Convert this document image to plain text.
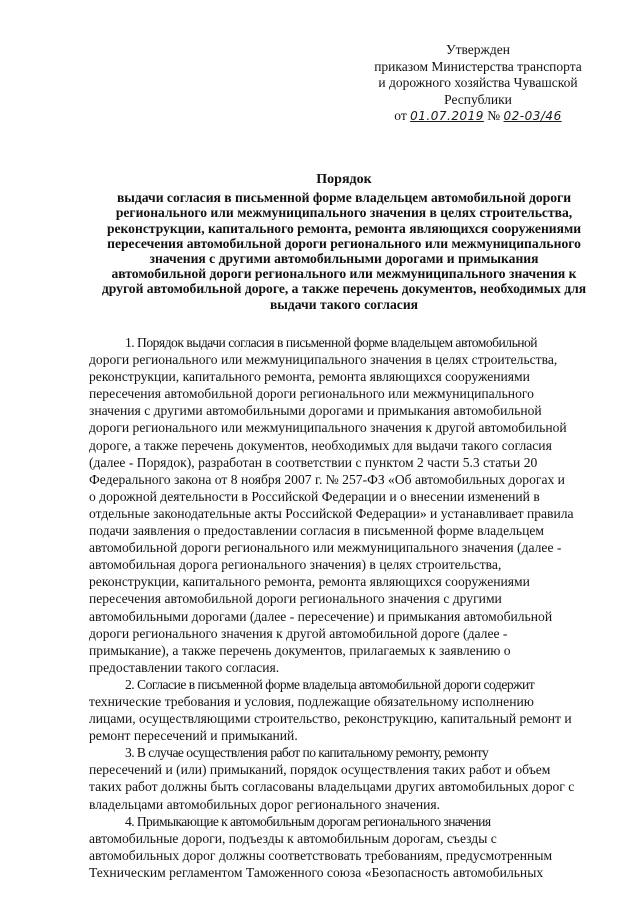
Утвержден
приказом Министерства транспорта
и дорожного хозяйства Чувашской
Республики
от 01.07.2019 № 02-03/46
Порядок
выдачи согласия в письменной форме владельцем автомобильной дороги
регионального или межмуниципального значения в целях строительства,
реконструкции, капитального ремонта, ремонта являющихся сооружениями
пересечения автомобильной дороги регионального или межмуниципального
значения с другими автомобильными дорогами и примыкания
автомобильной дороги регионального или межмуниципального значения к
другой автомобильной дороге, а также перечень документов, необходимых для
выдачи такого согласия
1. Порядок выдачи согласия в письменной форме владельцем автомобильной
дороги регионального или межмуниципального значения в целях строительства,
реконструкции, капитального ремонта, ремонта являющихся сооружениями
пересечения автомобильной дороги регионального или межмуниципального
значения с другими автомобильными дорогами и примыкания автомобильной
дороги регионального или межмуниципального значения к другой автомобильной
дороге, а также перечень документов, необходимых для выдачи такого согласия
(далее - Порядок), разработан в соответствии с пунктом 2 части 5.3 статьи 20
Федерального закона от 8 ноября 2007 г. № 257-ФЗ «Об автомобильных дорогах и
о дорожной деятельности в Российской Федерации и о внесении изменений в
отдельные законодательные акты Российской Федерации» и устанавливает правила
подачи заявления о предоставлении согласия в письменной форме владельцем
автомобильной дороги регионального или межмуниципального значения (далее -
автомобильная дорога регионального значения) в целях строительства,
реконструкции, капитального ремонта, ремонта являющихся сооружениями
пересечения автомобильной дороги регионального значения с другими
автомобильными дорогами (далее - пересечение) и примыкания автомобильной
дороги регионального значения к другой автомобильной дороге (далее -
примыкание), а также перечень документов, прилагаемых к заявлению о
предоставлении такого согласия.
2. Согласие в письменной форме владельца автомобильной дороги содержит
технические требования и условия, подлежащие обязательному исполнению
лицами, осуществляющими строительство, реконструкцию, капитальный ремонт и
ремонт пересечений и примыканий.
3. В случае осуществления работ по капитальному ремонту, ремонту
пересечений и (или) примыканий, порядок осуществления таких работ и объем
таких работ должны быть согласованы владельцами других автомобильных дорог с
владельцами автомобильных дорог регионального значения.
4. Примыкающие к автомобильным дорогам регионального значения
автомобильные дороги, подъезды к автомобильным дорогам, съезды с
автомобильных дорог должны соответствовать требованиям, предусмотренным
Техническим регламентом Таможенного союза «Безопасность автомобильных
